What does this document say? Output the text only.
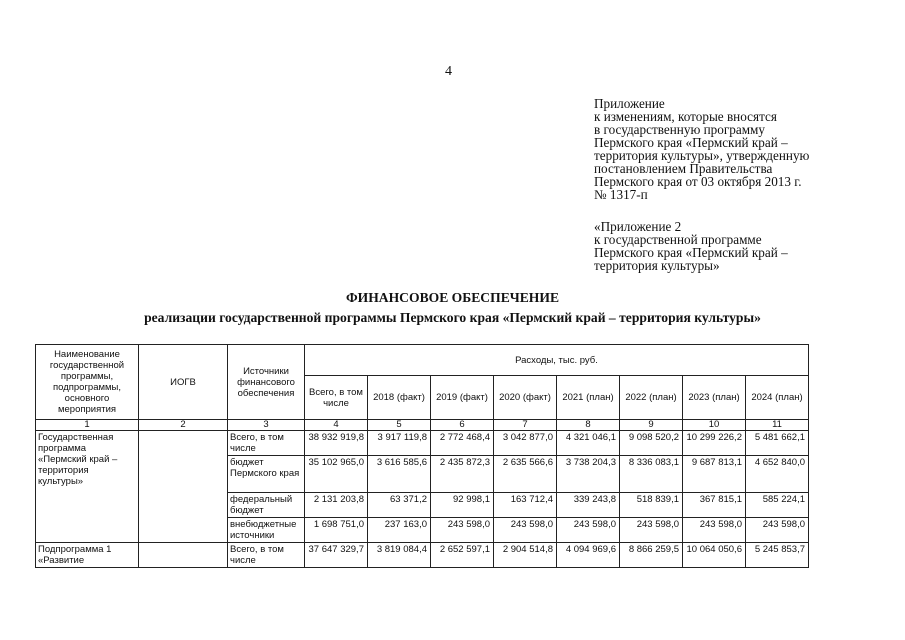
4
Приложение
к изменениям, которые вносятся
в государственную программу
Пермского края «Пермский край –
территория культуры», утвержденную
постановлением Правительства
Пермского края от 03 октября 2013 г.
№ 1317-п
«Приложение 2
к государственной программе
Пермского края «Пермский край –
территория культуры»
ФИНАНСОВОЕ ОБЕСПЕЧЕНИЕ
реализации государственной программы Пермского края «Пермский край – территория культуры»
Наименование государственной программы, подпрограммы, основного мероприятия	ИОГВ	Источники финансового обеспечения	Расходы, тыс. руб.							
			Всего, в том числе	2018 (факт)	2019 (факт)	2020 (факт)	2021 (план)	2022 (план)	2023 (план)	2024 (план)
1	2	3	4	5	6	7	8	9	10	11
Государственная программа «Пермский край – территория культуры»		Всего, в том числе	38 932 919,8	3 917 119,8	2 772 468,4	3 042 877,0	4 321 046,1	9 098 520,2	10 299 226,2	5 481 662,1
		бюджет Пермского края	35 102 965,0	3 616 585,6	2 435 872,3	2 635 566,6	3 738 204,3	8 336 083,1	9 687 813,1	4 652 840,0
		федеральный бюджет	2 131 203,8	63 371,2	92 998,1	163 712,4	339 243,8	518 839,1	367 815,1	585 224,1
		внебюджетные источники	1 698 751,0	237 163,0	243 598,0	243 598,0	243 598,0	243 598,0	243 598,0	243 598,0
Подпрограмма 1 «Развитие		Всего, в том числе	37 647 329,7	3 819 084,4	2 652 597,1	2 904 514,8	4 094 969,6	8 866 259,5	10 064 050,6	5 245 853,7
